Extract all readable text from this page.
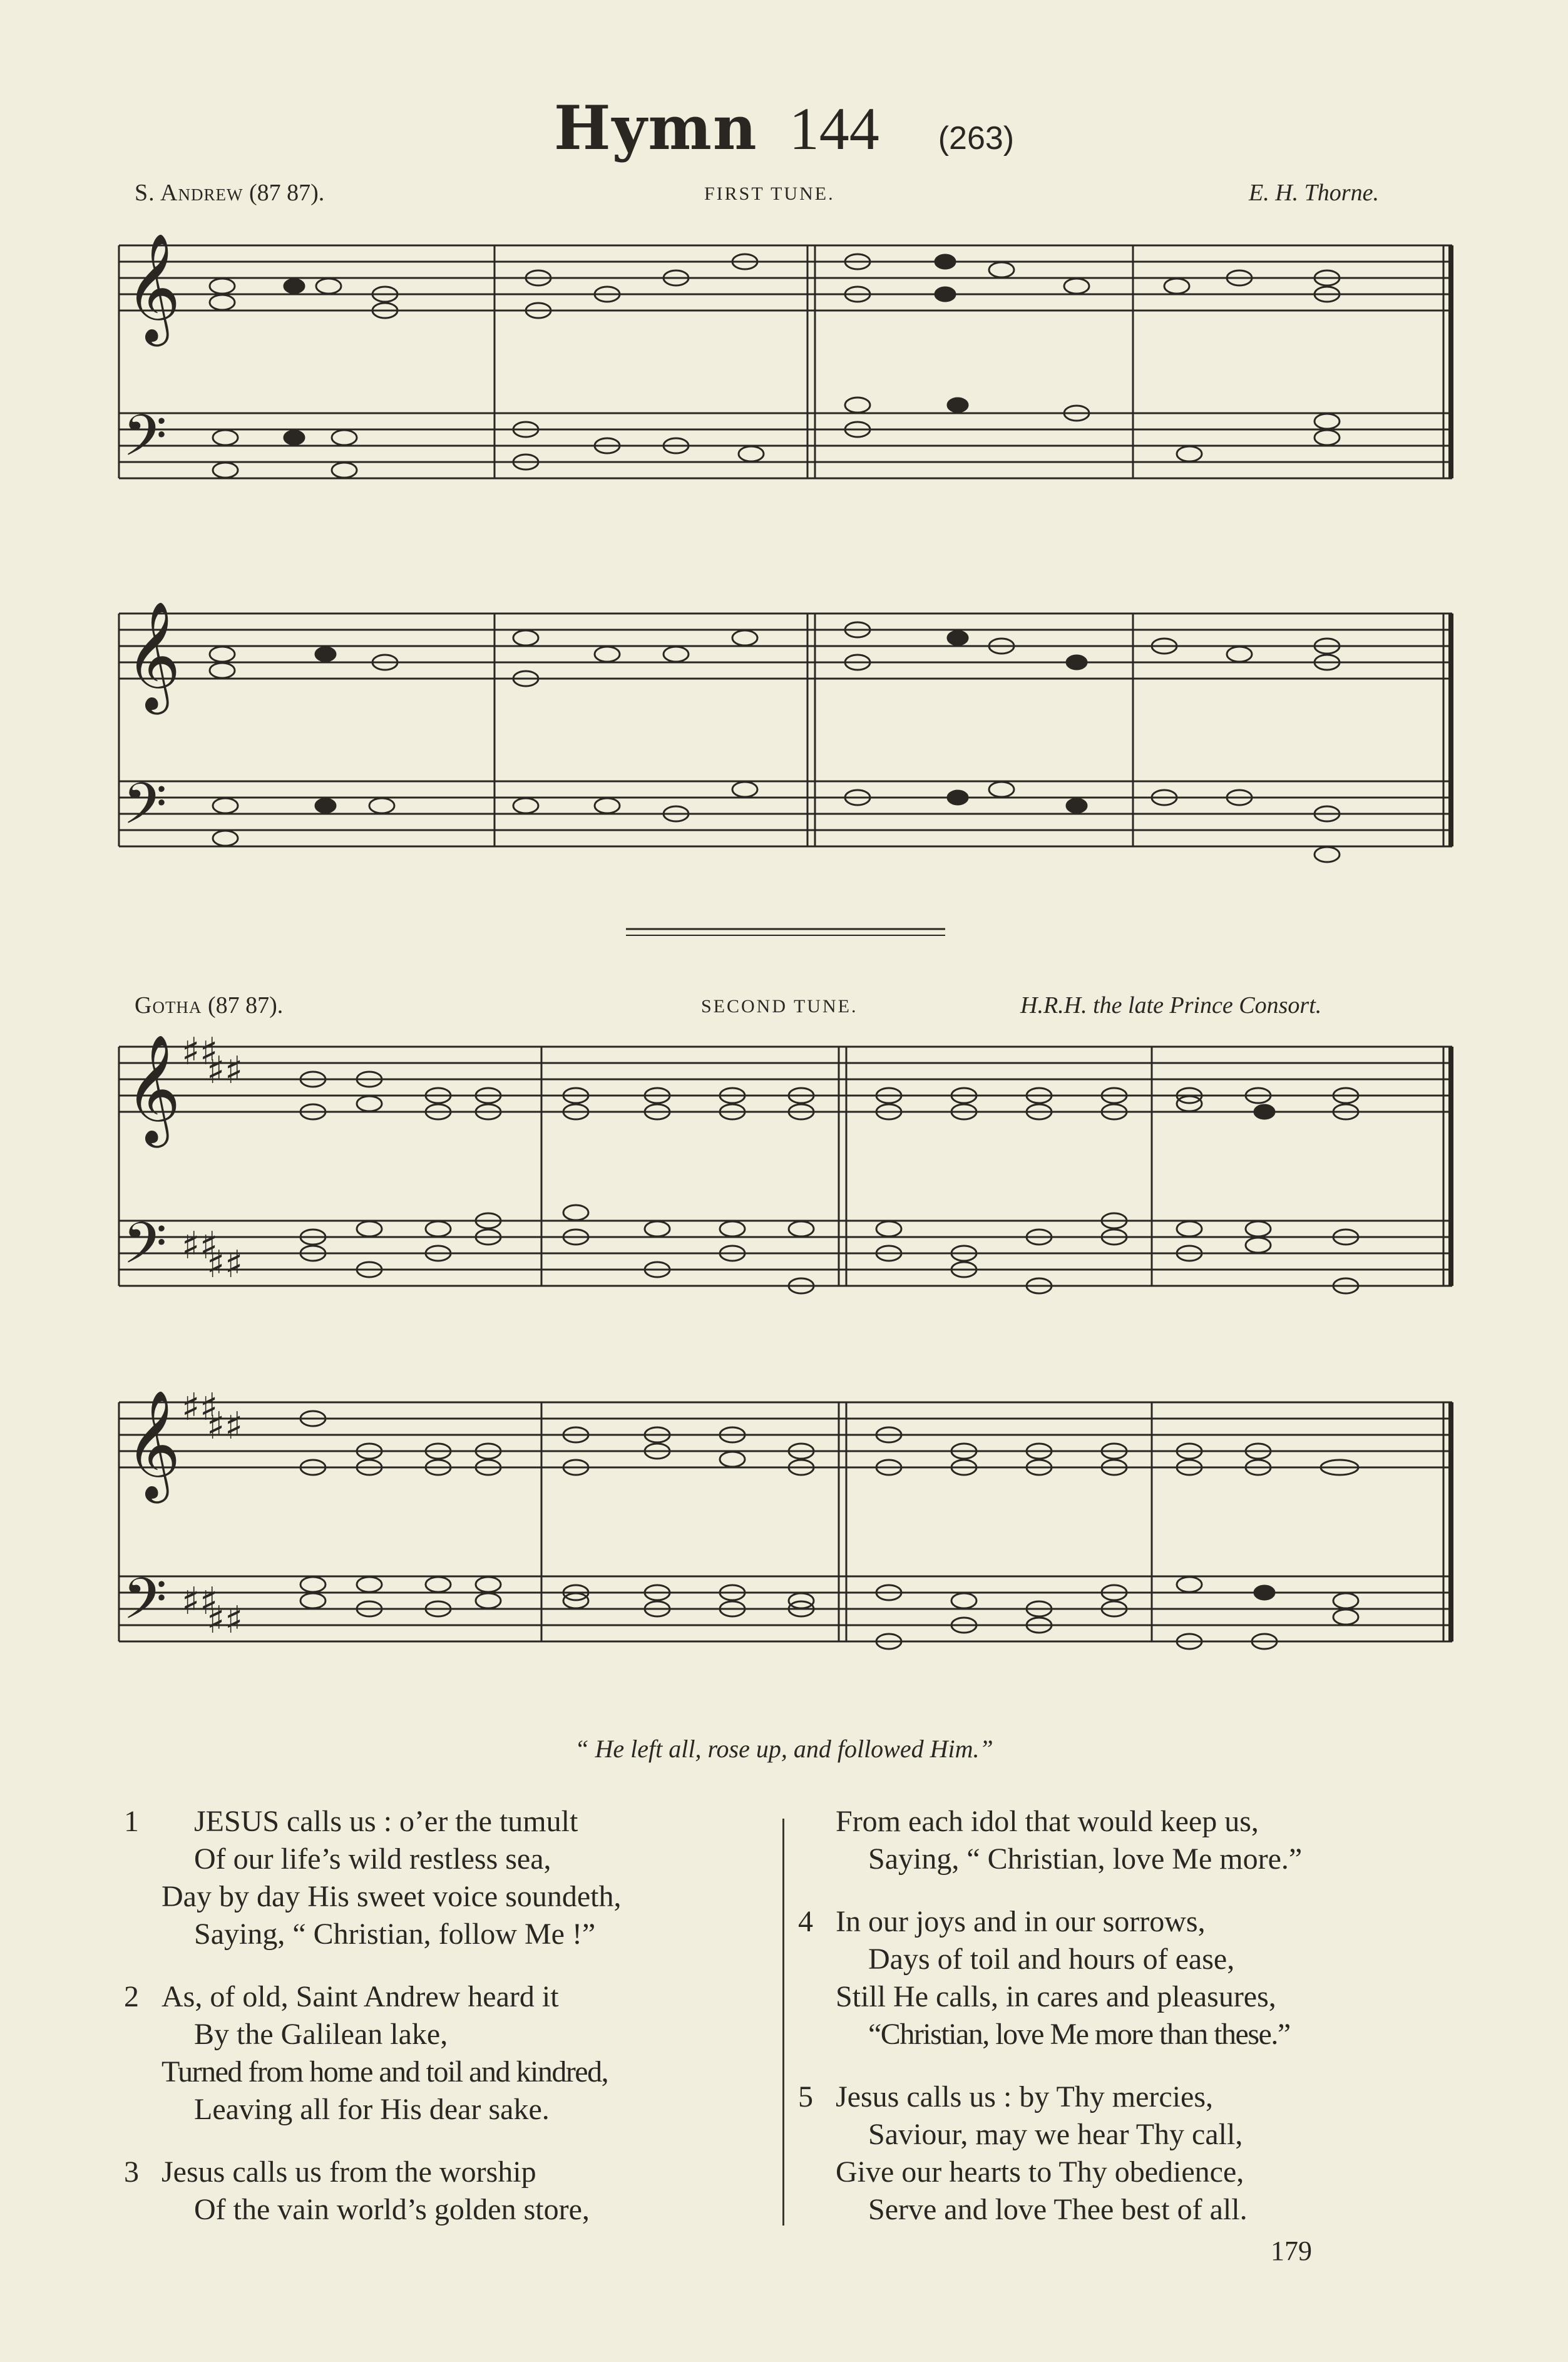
Hymn 144 (263)
S. Andrew (87 87).	FIRST TUNE.	E. H. Thorne.
𝄞
𝄢
𝄞
𝄢
Gotha (87 87).	SECOND TUNE.	H.R.H. the late Prince Consort.
𝄞 ♯♯
♯♯
𝄢 ♯♯
♯♯
𝄞 ♯♯
♯♯
𝄢 ♯♯
♯♯
“ He left all, rose up, and followed Him.”
1	JESUS calls us : o’er the tumult
Of our life’s wild restless sea,
Day by day His sweet voice soundeth,
Saying, “ Christian, follow Me !”
2 As, of old, Saint Andrew heard it
By the Galilean lake,
Turned from home and toil and kindred,
Leaving all for His dear sake.
3 Jesus calls us from the worship
Of the vain world’s golden store,
From each idol that would keep us,
Saying, “ Christian, love Me more.”
4 In our joys and in our sorrows,
Days of toil and hours of ease,
Still He calls, in cares and pleasures,
“Christian, love Me more than these.”
5 Jesus calls us : by Thy mercies,
Saviour, may we hear Thy call,
Give our hearts to Thy obedience,
Serve and love Thee best of all.
179
